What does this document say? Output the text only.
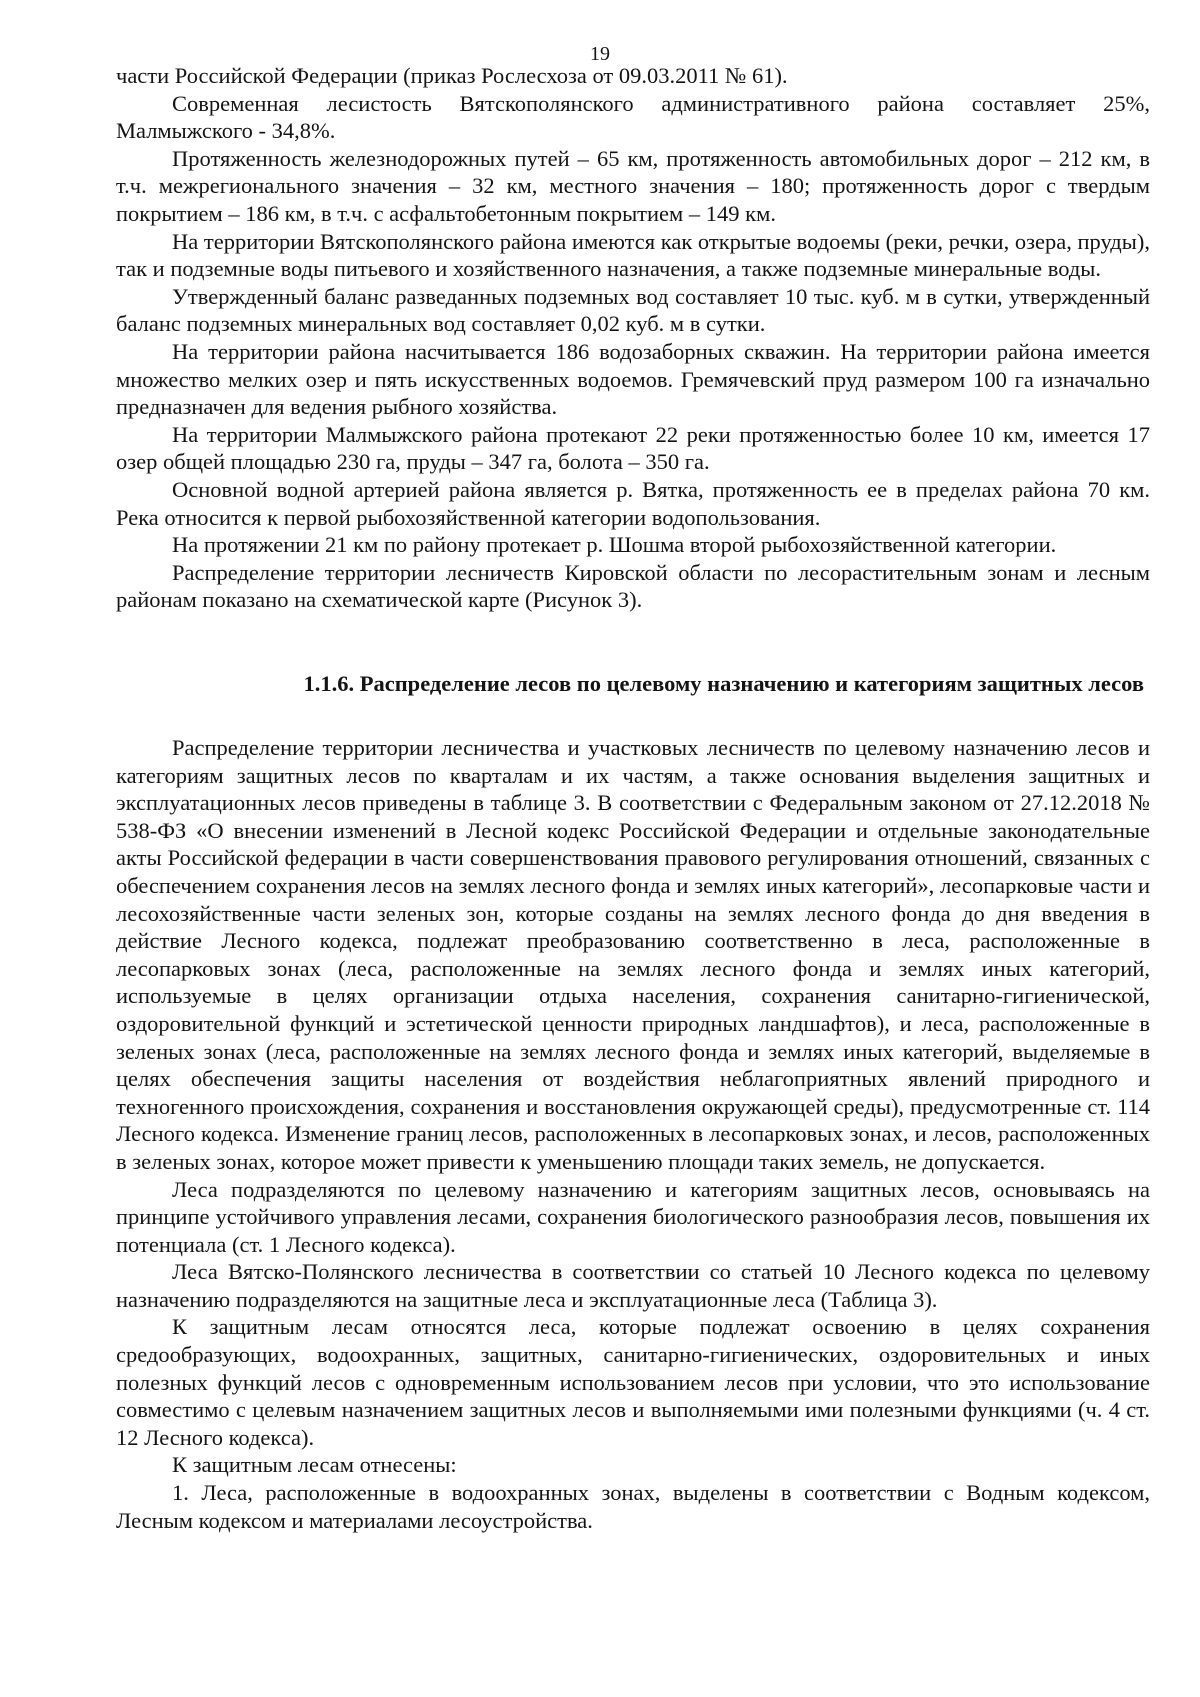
19

части Российской Федерации (приказ Рослесхоза от 09.03.2011 № 61).

Современная лесистость Вятскополянского административного района составляет 25%, Малмыжского - 34,8%.

Протяженность железнодорожных путей – 65 км, протяженность автомобильных дорог – 212 км, в т.ч. межрегионального значения – 32 км, местного значения – 180; протяженность дорог с твердым покрытием – 186 км, в т.ч. с асфальтобетонным покрытием – 149 км.

На территории Вятскополянского района имеются как открытые водоемы (реки, речки, озера, пруды), так и подземные воды питьевого и хозяйственного назначения, а также подземные минеральные воды.

Утвержденный баланс разведанных подземных вод составляет 10 тыс. куб. м в сутки, утвержденный баланс подземных минеральных вод составляет 0,02 куб. м в сутки.

На территории района насчитывается 186 водозаборных скважин. На территории района имеется множество мелких озер и пять искусственных водоемов. Гремячевский пруд размером 100 га изначально предназначен для ведения рыбного хозяйства.

На территории Малмыжского района протекают 22 реки протяженностью более 10 км, имеется 17 озер общей площадью 230 га, пруды – 347 га, болота – 350 га.

Основной водной артерией района является р. Вятка, протяженность ее в пределах района 70 км. Река относится к первой рыбохозяйственной категории водопользования.

На протяжении 21 км по району протекает р. Шошма второй рыбохозяйственной категории.

Распределение территории лесничеств Кировской области по лесорастительным зонам и лесным районам показано на схематической карте (Рисунок 3).

1.1.6. Распределение лесов по целевому назначению и категориям защитных лесов

Распределение территории лесничества и участковых лесничеств по целевому назначению лесов и категориям защитных лесов по кварталам и их частям, а также основания выделения защитных и эксплуатационных лесов приведены в таблице 3. В соответствии с Федеральным законом от 27.12.2018 № 538-ФЗ «О внесении изменений в Лесной кодекс Российской Федерации и отдельные законодательные акты Российской федерации в части совершенствования правового регулирования отношений, связанных с обеспечением сохранения лесов на землях лесного фонда и землях иных категорий», лесопарковые части и лесохозяйственные части зеленых зон, которые созданы на землях лесного фонда до дня введения в действие Лесного кодекса, подлежат преобразованию соответственно в леса, расположенные в лесопарковых зонах (леса, расположенные на землях лесного фонда и землях иных категорий, используемые в целях организации отдыха населения, сохранения санитарно-гигиенической, оздоровительной функций и эстетической ценности природных ландшафтов), и леса, расположенные в зеленых зонах (леса, расположенные на землях лесного фонда и землях иных категорий, выделяемые в целях обеспечения защиты населения от воздействия неблагоприятных явлений природного и техногенного происхождения, сохранения и восстановления окружающей среды), предусмотренные ст. 114 Лесного кодекса. Изменение границ лесов, расположенных в лесопарковых зонах, и лесов, расположенных в зеленых зонах, которое может привести к уменьшению площади таких земель, не допускается.

Леса подразделяются по целевому назначению и категориям защитных лесов, основываясь на принципе устойчивого управления лесами, сохранения биологического разнообразия лесов, повышения их потенциала (ст. 1 Лесного кодекса).

Леса Вятско-Полянского лесничества в соответствии со статьей 10 Лесного кодекса по целевому назначению подразделяются на защитные леса и эксплуатационные леса (Таблица 3).

К защитным лесам относятся леса, которые подлежат освоению в целях сохранения средообразующих, водоохранных, защитных, санитарно-гигиенических, оздоровительных и иных полезных функций лесов с одновременным использованием лесов при условии, что это использование совместимо с целевым назначением защитных лесов и выполняемыми ими полезными функциями (ч. 4 ст. 12 Лесного кодекса).

К защитным лесам отнесены:

1. Леса, расположенные в водоохранных зонах, выделены в соответствии с Водным кодексом, Лесным кодексом и материалами лесоустройства.
